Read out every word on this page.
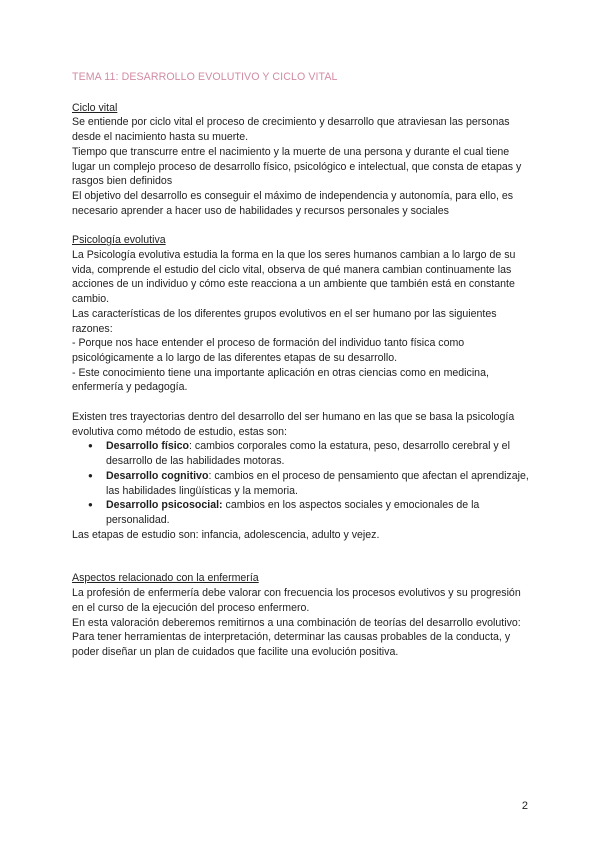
TEMA 11: DESARROLLO EVOLUTIVO Y CICLO VITAL

Ciclo vital

Se entiende por ciclo vital el proceso de crecimiento y desarrollo que atraviesan las personas desde el nacimiento hasta su muerte.

Tiempo que transcurre entre el nacimiento y la muerte de una persona y durante el cual tiene lugar un complejo proceso de desarrollo físico, psicológico e intelectual, que consta de etapas y rasgos bien definidos

El objetivo del desarrollo es conseguir el máximo de independencia y autonomía, para ello, es necesario aprender a hacer uso de habilidades y recursos personales y sociales

Psicología evolutiva

La Psicología evolutiva estudia la forma en la que los seres humanos cambian a lo largo de su vida, comprende el estudio del ciclo vital, observa de qué manera cambian continuamente las acciones de un individuo y cómo este reacciona a un ambiente que también está en constante cambio.

Las características de los diferentes grupos evolutivos en el ser humano por las siguientes razones:

- Porque nos hace entender el proceso de formación del individuo tanto física como psicológicamente a lo largo de las diferentes etapas de su desarrollo.

- Este conocimiento tiene una importante aplicación en otras ciencias como en medicina, enfermería y pedagogía.

Existen tres trayectorias dentro del desarrollo del ser humano en las que se basa la psicología evolutiva como método de estudio, estas son:

● Desarrollo físico: cambios corporales como la estatura, peso, desarrollo cerebral y el desarrollo de las habilidades motoras.
● Desarrollo cognitivo: cambios en el proceso de pensamiento que afectan el aprendizaje, las habilidades lingüísticas y la memoria.
● Desarrollo psicosocial: cambios en los aspectos sociales y emocionales de la personalidad.

Las etapas de estudio son: infancia, adolescencia, adulto y vejez.

Aspectos relacionado con la enfermería

La profesión de enfermería debe valorar con frecuencia los procesos evolutivos y su progresión en el curso de la ejecución del proceso enfermero.

En esta valoración deberemos remitirnos a una combinación de teorías del desarrollo evolutivo:

Para tener herramientas de interpretación, determinar las causas probables de la conducta, y poder diseñar un plan de cuidados que facilite una evolución positiva.

2
